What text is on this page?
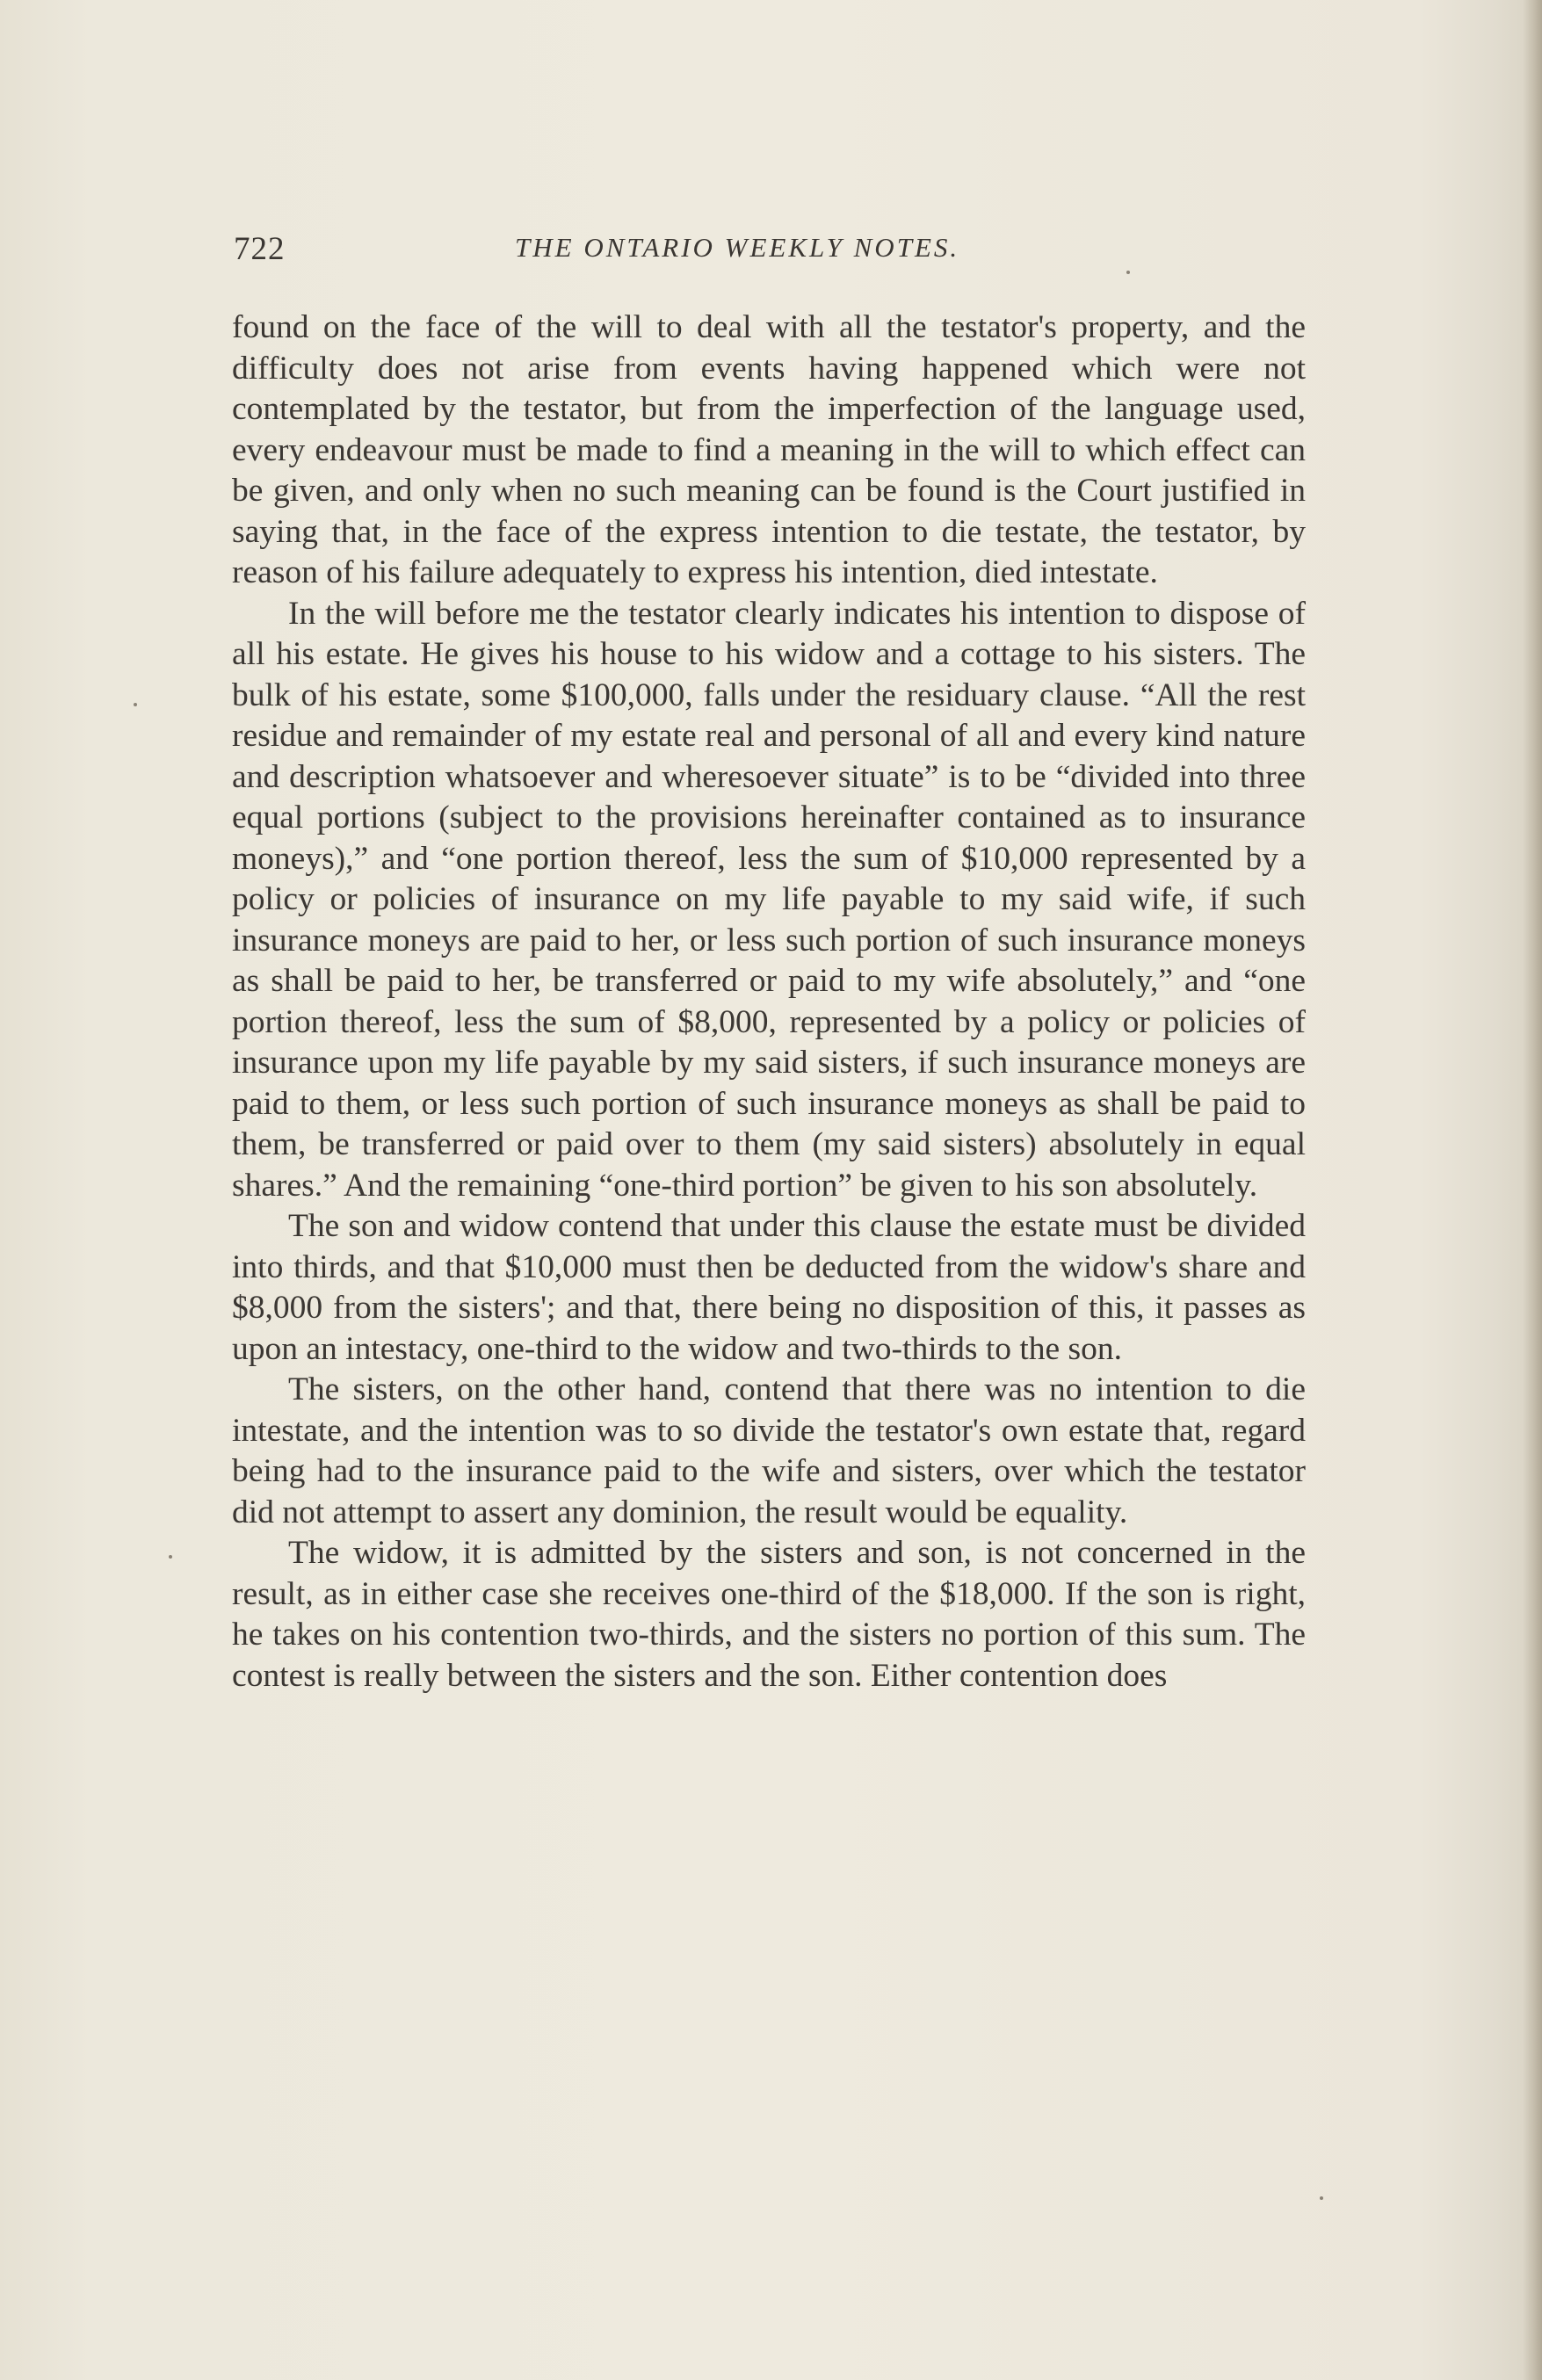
722	THE ONTARIO WEEKLY NOTES.

found on the face of the will to deal with all the testator's property, and the difficulty does not arise from events having happened which were not contemplated by the testator, but from the imperfection of the language used, every endeavour must be made to find a meaning in the will to which effect can be given, and only when no such meaning can be found is the Court justified in saying that, in the face of the express intention to die testate, the testator, by reason of his failure adequately to express his intention, died intestate.

In the will before me the testator clearly indicates his intention to dispose of all his estate. He gives his house to his widow and a cottage to his sisters. The bulk of his estate, some $100,000, falls under the residuary clause. “All the rest residue and remainder of my estate real and personal of all and every kind nature and description whatsoever and wheresoever situate” is to be “divided into three equal portions (subject to the provisions hereinafter contained as to insurance moneys),” and “one portion thereof, less the sum of $10,000 represented by a policy or policies of insurance on my life payable to my said wife, if such insurance moneys are paid to her, or less such portion of such insurance moneys as shall be paid to her, be transferred or paid to my wife absolutely,” and “one portion thereof, less the sum of $8,000, represented by a policy or policies of insurance upon my life payable by my said sisters, if such insurance moneys are paid to them, or less such portion of such insurance moneys as shall be paid to them, be transferred or paid over to them (my said sisters) absolutely in equal shares.” And the remaining “one-third portion” be given to his son absolutely.

The son and widow contend that under this clause the estate must be divided into thirds, and that $10,000 must then be deducted from the widow's share and $8,000 from the sisters'; and that, there being no disposition of this, it passes as upon an intestacy, one-third to the widow and two-thirds to the son.

The sisters, on the other hand, contend that there was no intention to die intestate, and the intention was to so divide the testator's own estate that, regard being had to the insurance paid to the wife and sisters, over which the testator did not attempt to assert any dominion, the result would be equality.

The widow, it is admitted by the sisters and son, is not concerned in the result, as in either case she receives one-third of the $18,000. If the son is right, he takes on his contention two-thirds, and the sisters no portion of this sum. The contest is really between the sisters and the son. Either contention does
